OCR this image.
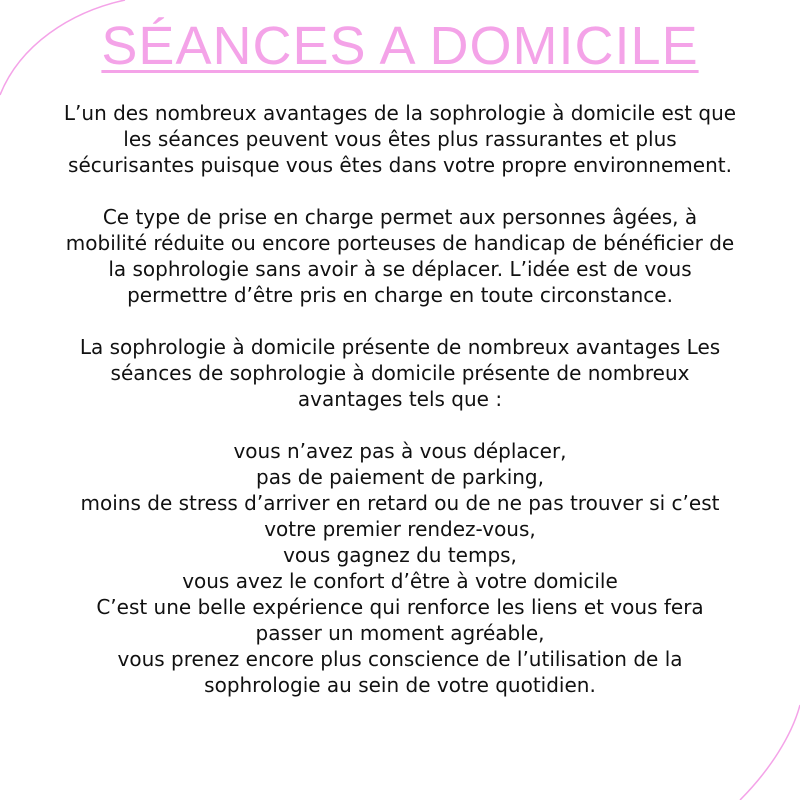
SÉANCES A DOMICILE

L’un des nombreux avantages de la sophrologie à domicile est que les séances peuvent vous êtes plus rassurantes et plus sécurisantes puisque vous êtes dans votre propre environnement.

Ce type de prise en charge permet aux personnes âgées, à mobilité réduite ou encore porteuses de handicap de bénéficier de la sophrologie sans avoir à se déplacer. L’idée est de vous permettre d’être pris en charge en toute circonstance.

La sophrologie à domicile présente de nombreux avantages Les séances de sophrologie à domicile présente de nombreux avantages tels que :

vous n’avez pas à vous déplacer,
pas de paiement de parking,
moins de stress d’arriver en retard ou de ne pas trouver si c’est votre premier rendez-vous,
vous gagnez du temps,
vous avez le confort d’être à votre domicile
C’est une belle expérience qui renforce les liens et vous fera passer un moment agréable,
vous prenez encore plus conscience de l’utilisation de la sophrologie au sein de votre quotidien.
